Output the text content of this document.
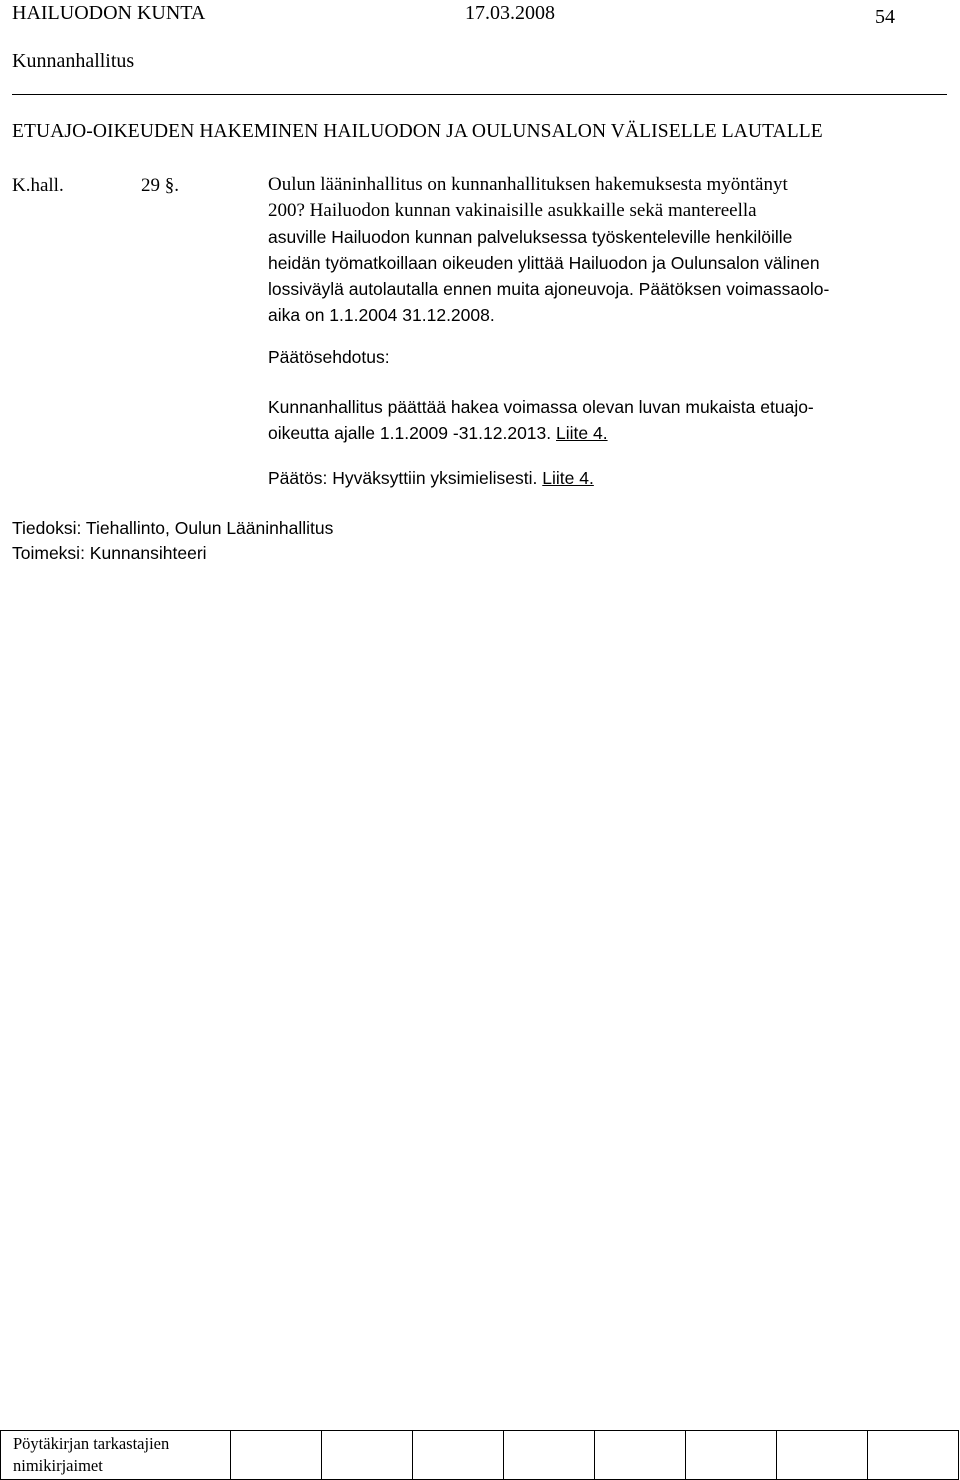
HAILUODON KUNTA	17.03.2008	54
Kunnanhallitus
ETUAJO-OIKEUDEN HAKEMINEN HAILUODON JA OULUNSALON VÄLISELLE LAUTALLE
K.hall.	29 §.	Oulun lääninhallitus on kunnanhallituksen hakemuksesta myöntänyt
200? Hailuodon kunnan vakinaisille asukkaille sekä mantereella
asuville Hailuodon kunnan palveluksessa työskenteleville henkilöille
heidän työmatkoillaan oikeuden ylittää Hailuodon ja Oulunsalon välinen
lossiväylä autolautalla ennen muita ajoneuvoja. Päätöksen voimassaolo-
aika on 1.1.2004 31.12.2008.
Päätösehdotus:
Kunnanhallitus päättää hakea voimassa olevan luvan mukaista etuajo-
oikeutta ajalle 1.1.2009 -31.12.2013. Liite 4.
Päätös: Hyväksyttiin yksimielisesti. Liite 4.
Tiedoksi: Tiehallinto, Oulun Lääninhallitus
Toimeksi: Kunnansihteeri
Pöytäkirjan tarkastajien
nimikirjaimet
